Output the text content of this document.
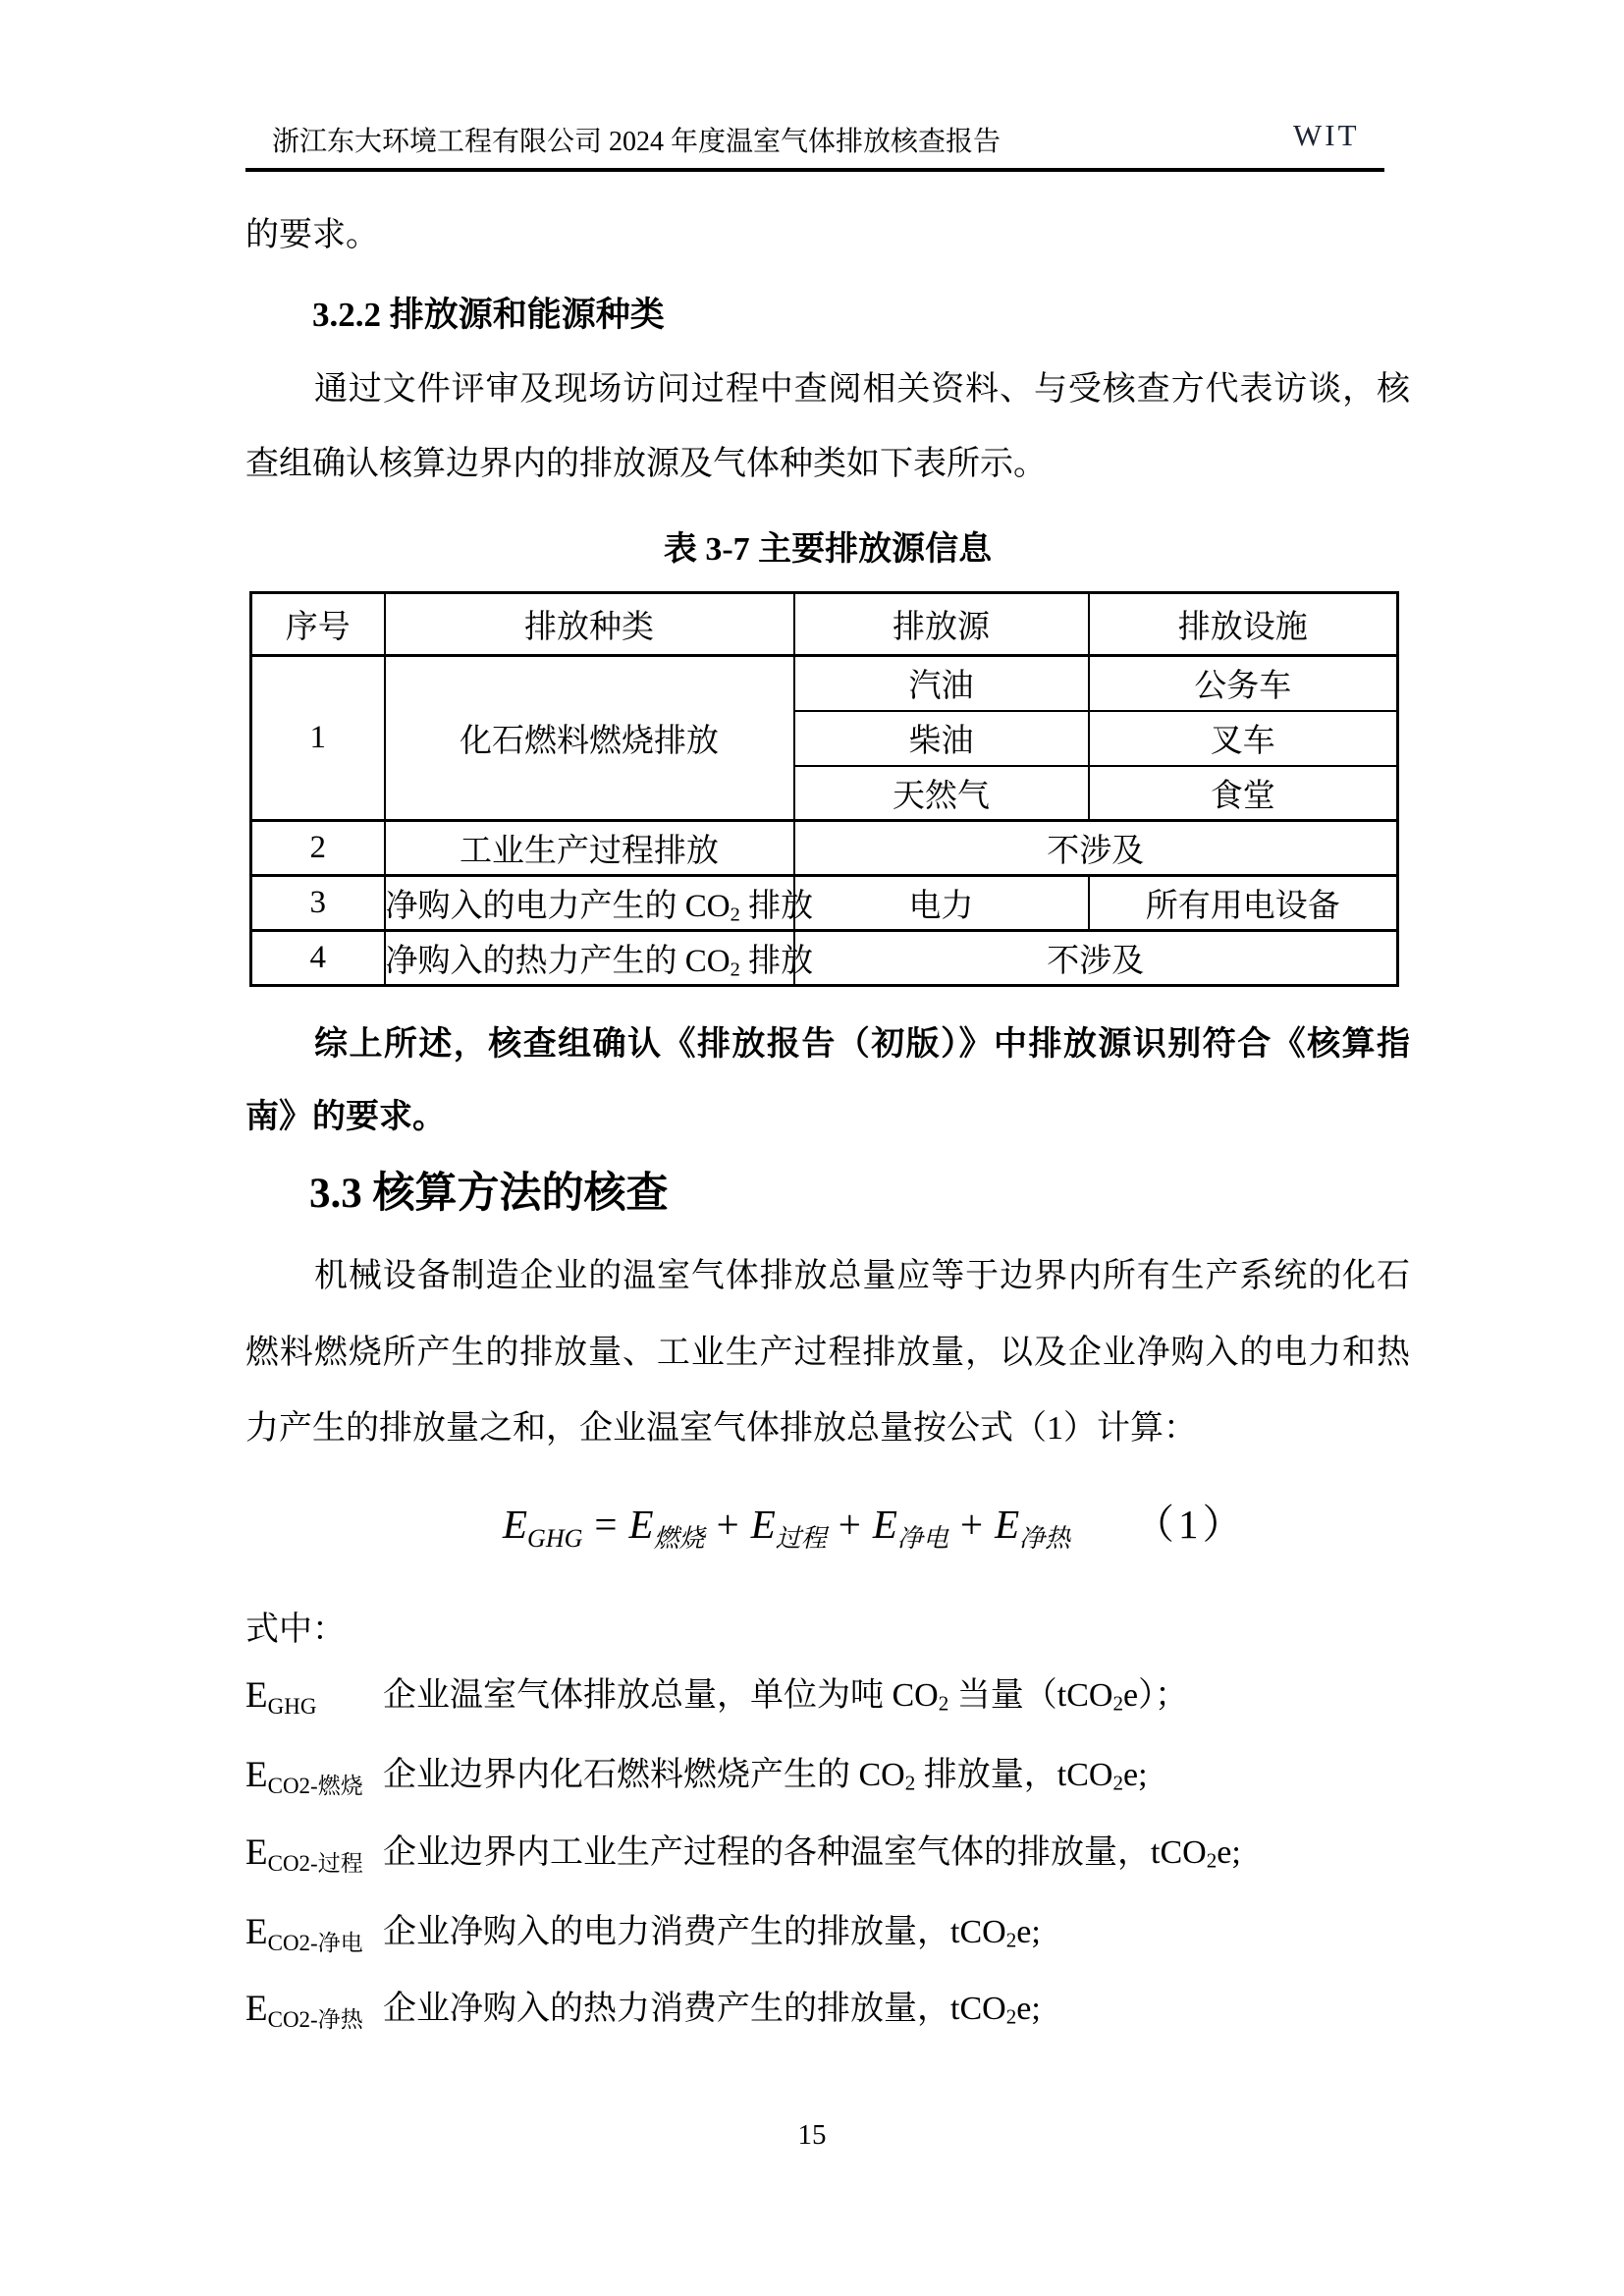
浙江东大环境工程有限公司 2024 年度温室气体排放核查报告	WIT
的要求。
3.2.2 排放源和能源种类
通过文件评审及现场访问过程中查阅相关资料、与受核查方代表访谈，核
查组确认核算边界内的排放源及气体种类如下表所示。
表 3-7 主要排放源信息
序号	排放种类	排放源	排放设施
1	化石燃料燃烧排放	汽油	公务车
		柴油	叉车
		天然气	食堂
2	工业生产过程排放	不涉及	
3	净购入的电力产生的 CO2 排放	电力	所有用电设备
4	净购入的热力产生的 CO2 排放	不涉及	
综上所述，核查组确认《排放报告（初版）》中排放源识别符合《核算指
南》的要求。
3.3 核算方法的核查
机械设备制造企业的温室气体排放总量应等于边界内所有生产系统的化石
燃料燃烧所产生的排放量、工业生产过程排放量，以及企业净购入的电力和热
力产生的排放量之和，企业温室气体排放总量按公式（1）计算：
$E_{GHG} = E_{燃烧} + E_{过程} + E_{净电} + E_{净热}$ （1）
式中：
$E_{GHG}$ 企业温室气体排放总量，单位为吨 CO2 当量（tCO2e）；
$E_{CO2-燃烧}$ 企业边界内化石燃料燃烧产生的 CO2 排放量，tCO2e;
$E_{CO2-过程}$ 企业边界内工业生产过程的各种温室气体的排放量，tCO2e;
$E_{CO2-净电}$ 企业净购入的电力消费产生的排放量，tCO2e;
$E_{CO2-净热}$ 企业净购入的热力消费产生的排放量，tCO2e;
15
